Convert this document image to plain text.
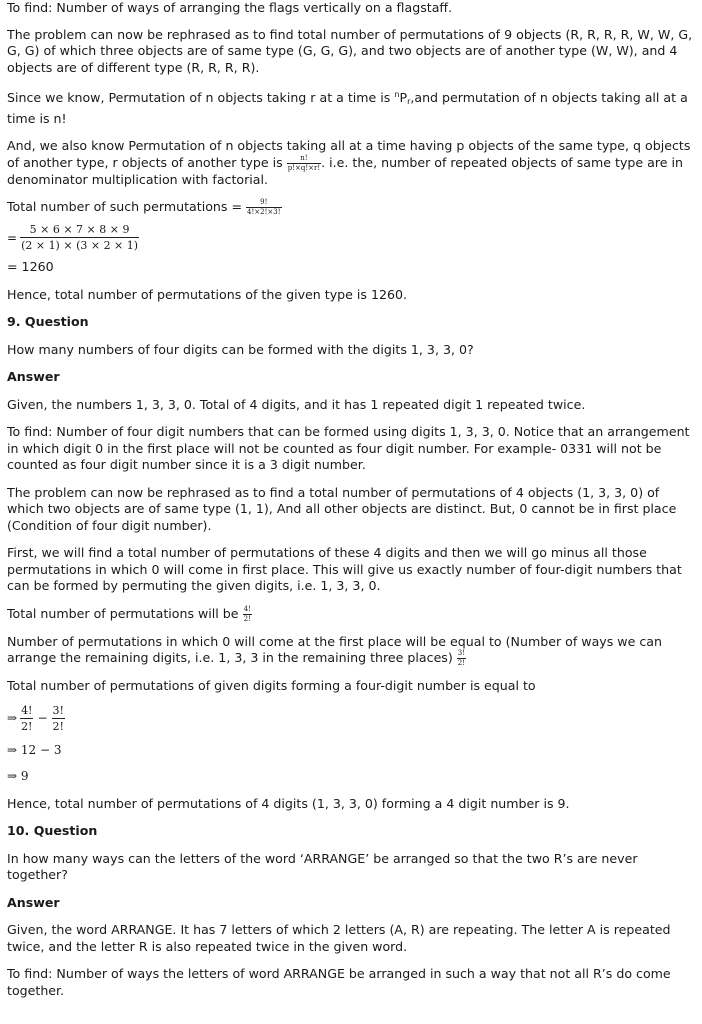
To find: Number of ways of arranging the flags vertically on a flagstaff.

The problem can now be rephrased as to find total number of permutations of 9 objects (R, R, R, R, W, W, G, G, G) of which three objects are of same type (G, G, G), and two objects are of another type (W, W), and 4 objects are of different type (R, R, R, R).

Since we know, Permutation of n objects taking r at a time is $^nP_r,and$ permutation of n objects taking all at a time is n!

And, we also know Permutation of n objects taking all at a time having p objects of the same type, q objects of another type, r objects of another type is $\frac{n!}{p!\times q!\times r!}$ . i.e. the, number of repeated objects of same type are in denominator multiplication with factorial.

Total number of such permutations = $\frac{9!}{4!\times 2!\times 3!}$

= $\frac{5 \times 6 \times 7 \times 8 \times 9}{(2 \times 1) \times (3 \times 2 \times 1)}$

= 1260

Hence, total number of permutations of the given type is 1260.

9. Question

How many numbers of four digits can be formed with the digits 1, 3, 3, 0?

Answer

Given, the numbers 1, 3, 3, 0. Total of 4 digits, and it has 1 repeated digit 1 repeated twice.

To find: Number of four digit numbers that can be formed using digits 1, 3, 3, 0. Notice that an arrangement in which digit 0 in the first place will not be counted as four digit number. For example- 0331 will not be counted as four digit number since it is a 3 digit number.

The problem can now be rephrased as to find a total number of permutations of 4 objects (1, 3, 3, 0) of which two objects are of same type (1, 1), And all other objects are distinct. But, 0 cannot be in first place (Condition of four digit number).

First, we will find a total number of permutations of these 4 digits and then we will go minus all those permutations in which 0 will come in first place. This will give us exactly number of four-digit numbers that can be formed by permuting the given digits, i.e. 1, 3, 3, 0.

Total number of permutations will be $\frac{4!}{2!}$

Number of permutations in which 0 will come at the first place will be equal to (Number of ways we can arrange the remaining digits, i.e. 1, 3, 3 in the remaining three places) $\frac{3!}{2!}$

Total number of permutations of given digits forming a four-digit number is equal to

⇒ $\frac{4!}{2!} - \frac{3!}{2!}$

⇒ 12 − 3

⇒ 9

Hence, total number of permutations of 4 digits (1, 3, 3, 0) forming a 4 digit number is 9.

10. Question

In how many ways can the letters of the word ‘ARRANGE’ be arranged so that the two R’s are never together?

Answer

Given, the word ARRANGE. It has 7 letters of which 2 letters (A, R) are repeating. The letter A is repeated twice, and the letter R is also repeated twice in the given word.

To find: Number of ways the letters of word ARRANGE be arranged in such a way that not all R’s do come together.
